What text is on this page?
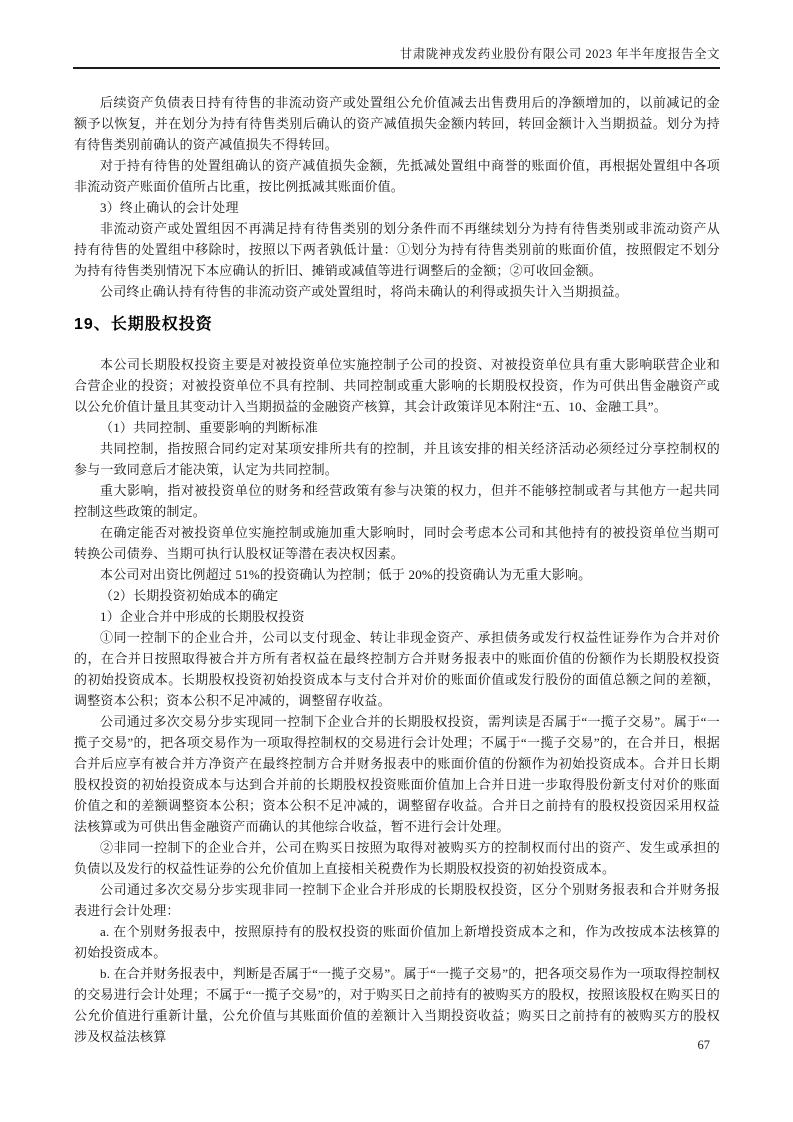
甘肃陇神戎发药业股份有限公司 2023 年半年度报告全文
后续资产负债表日持有待售的非流动资产或处置组公允价值减去出售费用后的净额增加的，以前减记的金额予以恢复，并在划分为持有待售类别后确认的资产减值损失金额内转回，转回金额计入当期损益。划分为持有待售类别前确认的资产减值损失不得转回。
对于持有待售的处置组确认的资产减值损失金额，先抵减处置组中商誉的账面价值，再根据处置组中各项非流动资产账面价值所占比重，按比例抵减其账面价值。
3）终止确认的会计处理
非流动资产或处置组因不再满足持有待售类别的划分条件而不再继续划分为持有待售类别或非流动资产从持有待售的处置组中移除时，按照以下两者孰低计量：①划分为持有待售类别前的账面价值，按照假定不划分为持有待售类别情况下本应确认的折旧、摊销或减值等进行调整后的金额；②可收回金额。
公司终止确认持有待售的非流动资产或处置组时，将尚未确认的利得或损失计入当期损益。
19、长期股权投资
本公司长期股权投资主要是对被投资单位实施控制子公司的投资、对被投资单位具有重大影响联营企业和合营企业的投资；对被投资单位不具有控制、共同控制或重大影响的长期股权投资，作为可供出售金融资产或以公允价值计量且其变动计入当期损益的金融资产核算，其会计政策详见本附注“五、10、金融工具”。
（1）共同控制、重要影响的判断标准
共同控制，指按照合同约定对某项安排所共有的控制，并且该安排的相关经济活动必须经过分享控制权的参与一致同意后才能决策，认定为共同控制。
重大影响，指对被投资单位的财务和经营政策有参与决策的权力，但并不能够控制或者与其他方一起共同控制这些政策的制定。
在确定能否对被投资单位实施控制或施加重大影响时，同时会考虑本公司和其他持有的被投资单位当期可转换公司债券、当期可执行认股权证等潜在表决权因素。
本公司对出资比例超过 51%的投资确认为控制；低于 20%的投资确认为无重大影响。
（2）长期投资初始成本的确定
1）企业合并中形成的长期股权投资
①同一控制下的企业合并，公司以支付现金、转让非现金资产、承担债务或发行权益性证券作为合并对价的，在合并日按照取得被合并方所有者权益在最终控制方合并财务报表中的账面价值的份额作为长期股权投资的初始投资成本。长期股权投资初始投资成本与支付合并对价的账面价值或发行股份的面值总额之间的差额，调整资本公积；资本公积不足冲减的，调整留存收益。
公司通过多次交易分步实现同一控制下企业合并的长期股权投资，需判读是否属于“一揽子交易”。属于“一揽子交易”的，把各项交易作为一项取得控制权的交易进行会计处理；不属于“一揽子交易”的，在合并日，根据合并后应享有被合并方净资产在最终控制方合并财务报表中的账面价值的份额作为初始投资成本。合并日长期股权投资的初始投资成本与达到合并前的长期股权投资账面价值加上合并日进一步取得股份新支付对价的账面价值之和的差额调整资本公积；资本公积不足冲减的，调整留存收益。合并日之前持有的股权投资因采用权益法核算或为可供出售金融资产而确认的其他综合收益，暂不进行会计处理。
②非同一控制下的企业合并，公司在购买日按照为取得对被购买方的控制权而付出的资产、发生或承担的负债以及发行的权益性证券的公允价值加上直接相关税费作为长期股权投资的初始投资成本。
公司通过多次交易分步实现非同一控制下企业合并形成的长期股权投资，区分个别财务报表和合并财务报表进行会计处理：
a. 在个别财务报表中，按照原持有的股权投资的账面价值加上新增投资成本之和，作为改按成本法核算的初始投资成本。
b. 在合并财务报表中，判断是否属于“一揽子交易”。属于“一揽子交易”的，把各项交易作为一项取得控制权的交易进行会计处理；不属于“一揽子交易”的，对于购买日之前持有的被购买方的股权，按照该股权在购买日的公允价值进行重新计量，公允价值与其账面价值的差额计入当期投资收益；购买日之前持有的被购买方的股权涉及权益法核算
67
